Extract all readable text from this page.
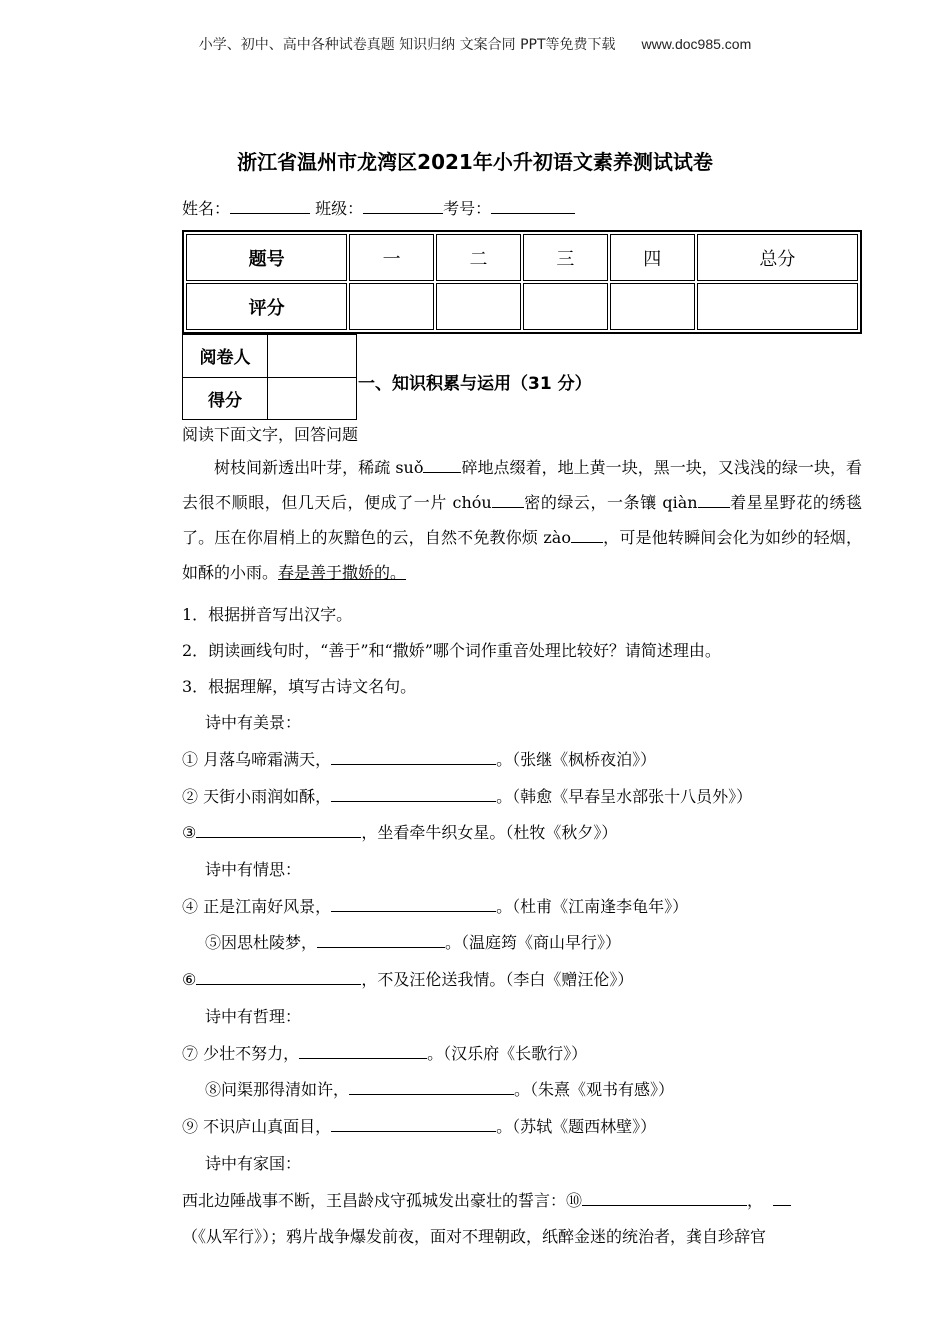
小学、初中、高中各种试卷真题 知识归纳 文案合同 PPT等免费下载 www.doc985.com
浙江省温州市龙湾区2021年小升初语文素养测试试卷
姓名：	班级：	考号：
题号	一	二	三	四	总分
评分					
阅卷人	
得分	
一、知识积累与运用（31 分）
阅读下面文字，回答问题
树枝间新透出叶芽，稀疏 suǒ 碎地点缀着，地上黄一块，黑一块，又浅浅的绿一块，看去很不顺眼，但几天后，便成了一片 chóu 密的绿云，一条镶 qiàn 着星星野花的绣毯了。压在你眉梢上的灰黯色的云，自然不免教你烦 zào ，可是他转瞬间会化为如纱的轻烟，如酥的小雨。春是善于撒娇的。
1．根据拼音写出汉字。
2．朗读画线句时，“善于”和“撒娇”哪个词作重音处理比较好？请简述理由。
3．根据理解，填写古诗文名句。
诗中有美景：
① 月落乌啼霜满天，	。（张继《枫桥夜泊》）
② 天街小雨润如酥，	。（韩愈《早春呈水部张十八员外》）
③	，坐看牵牛织女星。（杜牧《秋夕》）
诗中有情思：
④ 正是江南好风景，	。（杜甫《江南逢李龟年》）
⑤因思杜陵梦，	。（温庭筠《商山早行》）
⑥	，不及汪伦送我情。（李白《赠汪伦》）
诗中有哲理：
⑦ 少壮不努力，	。（汉乐府《长歌行》）
⑧问渠那得清如许，	。（朱熹《观书有感》）
⑨ 不识庐山真面目，	。（苏轼《题西林壁》）
诗中有家国：
西北边陲战事不断，王昌龄戍守孤城发出豪壮的誓言：⑩	，
（《从军行》）；鸦片战争爆发前夜，面对不理朝政，纸醉金迷的统治者，龚自珍辞官
